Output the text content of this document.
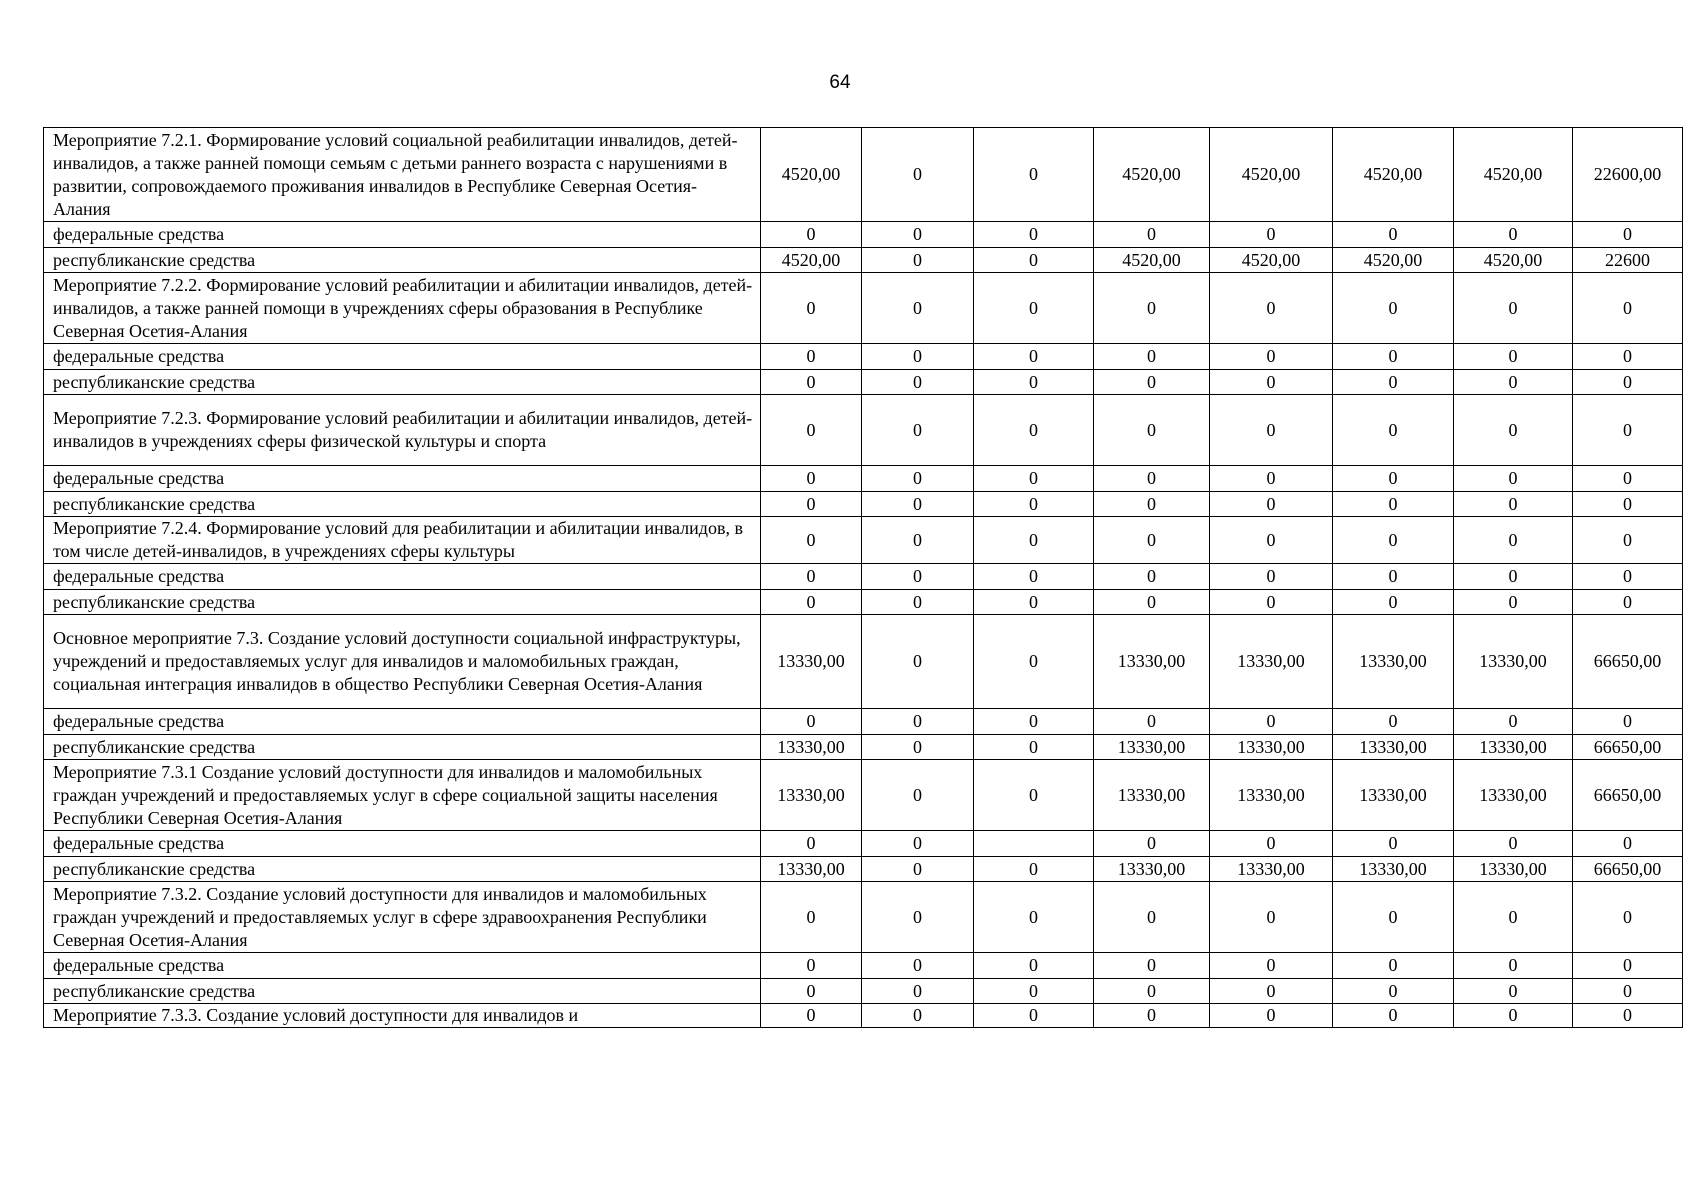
64
Мероприятие 7.2.1. Формирование условий социальной реабилитации инвалидов, детей-инвалидов, а также ранней помощи семьям с детьми раннего возраста с нарушениями в развитии, сопровождаемого проживания инвалидов в Республике Северная Осетия-Алания	4520,00	0	0	4520,00	4520,00	4520,00	4520,00	22600,00
федеральные средства	0	0	0	0	0	0	0	0
республиканские средства	4520,00	0	0	4520,00	4520,00	4520,00	4520,00	22600
Мероприятие 7.2.2. Формирование условий реабилитации и абилитации инвалидов, детей-инвалидов, а также ранней помощи в учреждениях сферы образования в Республике Северная Осетия-Алания	0	0	0	0	0	0	0	0
федеральные средства	0	0	0	0	0	0	0	0
республиканские средства	0	0	0	0	0	0	0	0
Мероприятие 7.2.3. Формирование условий реабилитации и абилитации инвалидов, детей-инвалидов в учреждениях сферы физической культуры и спорта	0	0	0	0	0	0	0	0
федеральные средства	0	0	0	0	0	0	0	0
республиканские средства	0	0	0	0	0	0	0	0
Мероприятие 7.2.4. Формирование условий для реабилитации и абилитации инвалидов, в том числе детей-инвалидов, в учреждениях сферы культуры	0	0	0	0	0	0	0	0
федеральные средства	0	0	0	0	0	0	0	0
республиканские средства	0	0	0	0	0	0	0	0
Основное мероприятие 7.3. Создание условий доступности социальной инфраструктуры, учреждений и предоставляемых услуг для инвалидов и маломобильных граждан, социальная интеграция инвалидов в общество Республики Северная Осетия-Алания	13330,00	0	0	13330,00	13330,00	13330,00	13330,00	66650,00
федеральные средства	0	0	0	0	0	0	0	0
республиканские средства	13330,00	0	0	13330,00	13330,00	13330,00	13330,00	66650,00
Мероприятие 7.3.1 Создание условий доступности для инвалидов и маломобильных граждан учреждений и предоставляемых услуг в сфере социальной защиты населения Республики Северная Осетия-Алания	13330,00	0	0	13330,00	13330,00	13330,00	13330,00	66650,00
федеральные средства	0	0		0	0	0	0	0
республиканские средства	13330,00	0	0	13330,00	13330,00	13330,00	13330,00	66650,00
Мероприятие 7.3.2. Создание условий доступности для инвалидов и маломобильных граждан учреждений и предоставляемых услуг в сфере здравоохранения Республики Северная Осетия-Алания	0	0	0	0	0	0	0	0
федеральные средства	0	0	0	0	0	0	0	0
республиканские средства	0	0	0	0	0	0	0	0
Мероприятие 7.3.3. Создание условий доступности для инвалидов и	0	0	0	0	0	0	0	0
